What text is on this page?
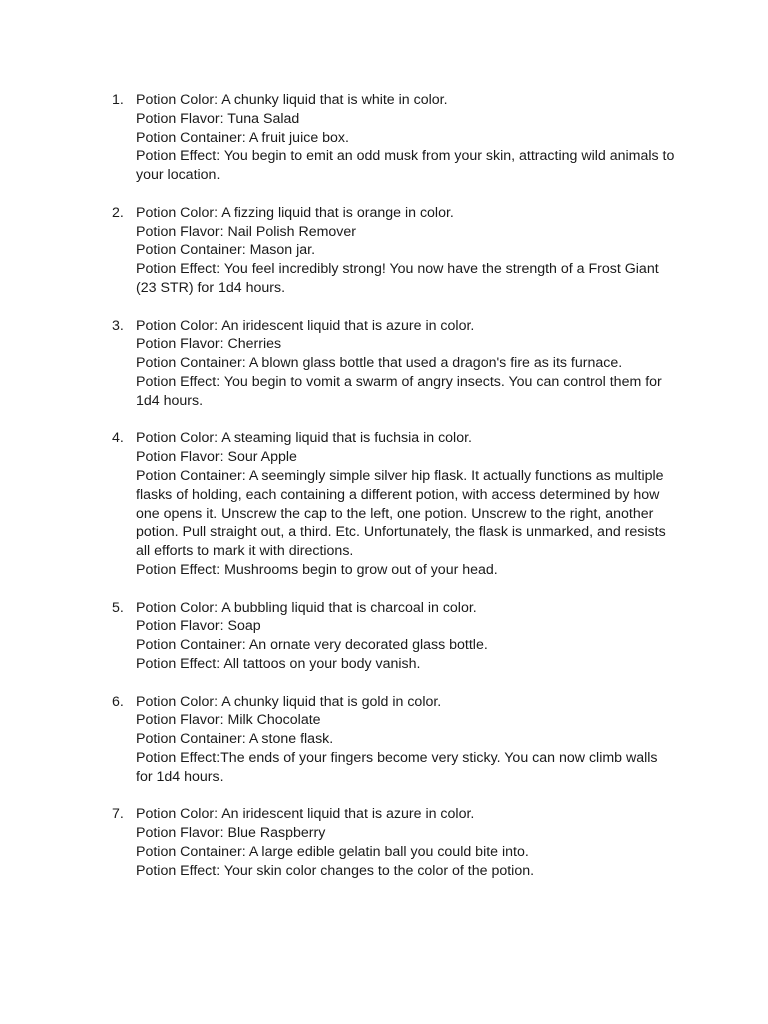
1. Potion Color : A chunky liquid that is white in color.
Potion Flavor : Tuna Salad
Potion Container : A fruit juice box.
Potion Effect : You begin to emit an odd musk from your skin, attracting wild animals to your location.
2. Potion Color : A fizzing liquid that is orange in color.
Potion Flavor : Nail Polish Remover
Potion Container : Mason jar.
Potion Effect : You feel incredibly strong! You now have the strength of a Frost Giant (23 STR) for 1d4 hours.
3. Potion Color : An iridescent liquid that is azure in color.
Potion Flavor : Cherries
Potion Container : A blown glass bottle that used a dragon's fire as its furnace.
Potion Effect : You begin to vomit a swarm of angry insects. You can control them for 1d4 hours.
4. Potion Color : A steaming liquid that is fuchsia in color.
Potion Flavor : Sour Apple
Potion Container : A seemingly simple silver hip flask. It actually functions as multiple flasks of holding, each containing a different potion, with access determined by how one opens it. Unscrew the cap to the left, one potion. Unscrew to the right, another potion. Pull straight out, a third. Etc. Unfortunately, the flask is unmarked, and resists all efforts to mark it with directions.
Potion Effect : Mushrooms begin to grow out of your head.
5. Potion Color : A bubbling liquid that is charcoal in color.
Potion Flavor : Soap
Potion Container : An ornate very decorated glass bottle.
Potion Effect : All tattoos on your body vanish.
6. Potion Color : A chunky liquid that is gold in color.
Potion Flavor : Milk Chocolate
Potion Container : A stone flask.
Potion Effect : The ends of your fingers become very sticky. You can now climb walls for 1d4 hours.
7. Potion Color : An iridescent liquid that is azure in color.
Potion Flavor : Blue Raspberry
Potion Container : A large edible gelatin ball you could bite into.
Potion Effect : Your skin color changes to the color of the potion.
